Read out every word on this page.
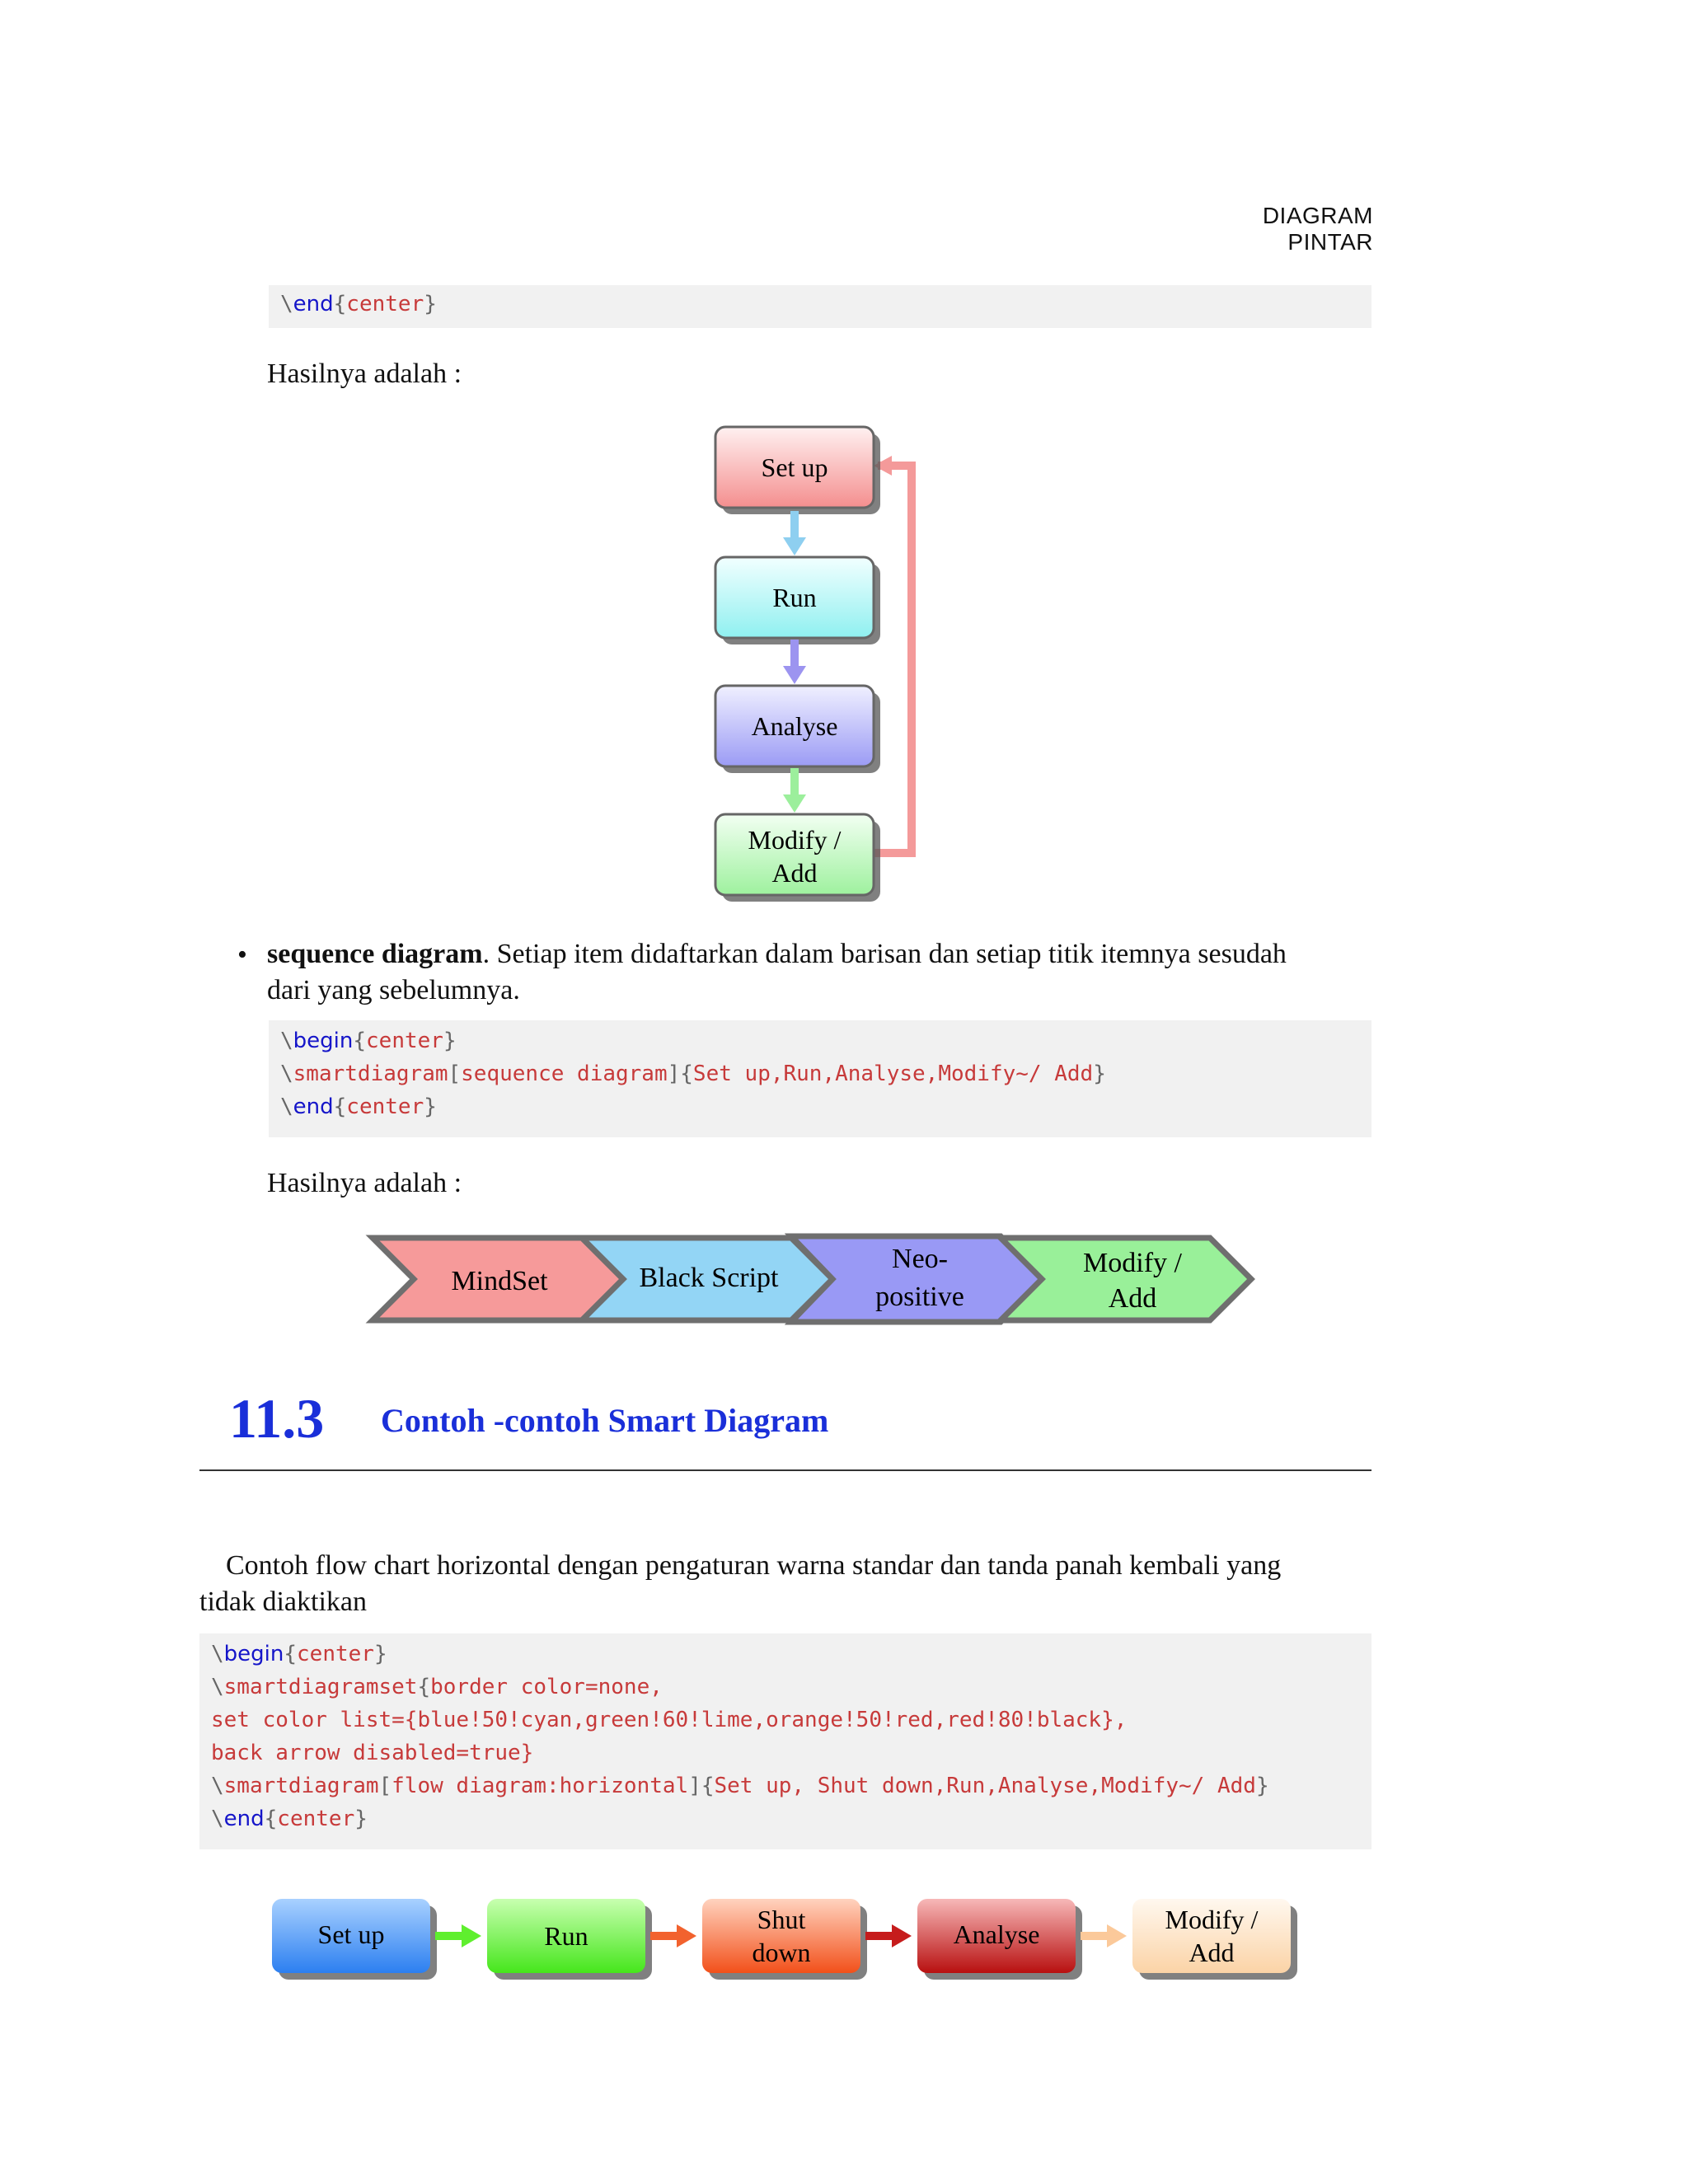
DIAGRAM PINTAR
\end{center}
Hasilnya adalah :
Set up
Run
Analyse
Modify /
Add
• sequence diagram. Setiap item didaftarkan dalam barisan dan setiap titik itemnya sesudah
dari yang sebelumnya.
\begin{center}
\smartdiagram[sequence diagram]{Set up,Run,Analyse,Modify~/ Add}
\end{center}
Hasilnya adalah :
MindSet	Black Script
Neo-
positive
Modify /
Add
11.3 Contoh -contoh Smart Diagram
Contoh flow chart horizontal dengan pengaturan warna standar dan tanda panah kembali yang
tidak diaktikan
\begin{center}
\smartdiagramset{border color=none,
set color list={blue!50!cyan,green!60!lime,orange!50!red,red!80!black},
back arrow disabled=true}
\smartdiagram[flow diagram:horizontal]{Set up, Shut down,Run,Analyse,Modify~/ Add}
\end{center}
Set up	Run
Shut
down
Analyse	Modify /
Add
